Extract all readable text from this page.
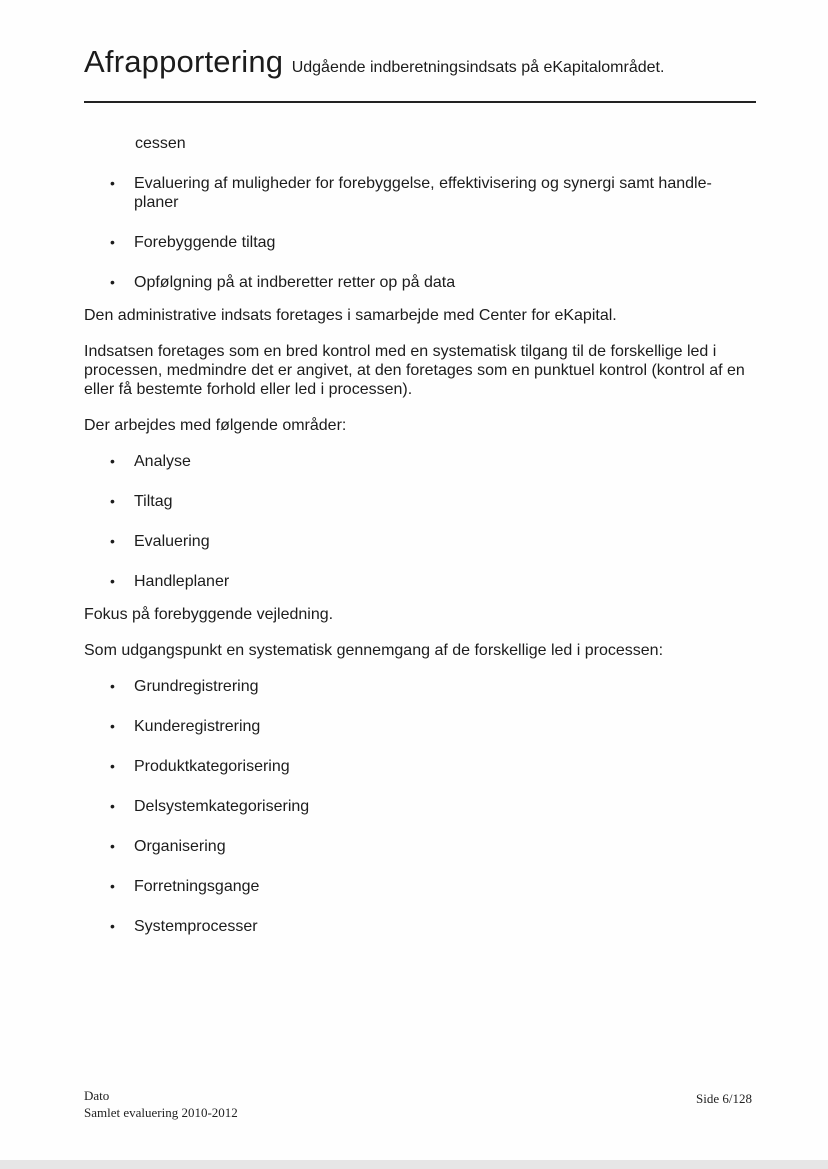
Afrapportering Udgående indberetningsindsats på eKapitalområdet.
cessen
• Evaluering af muligheder for forebyggelse, effektivisering og synergi samt handle-planer
• Forebyggende tiltag
• Opfølgning på at indberetter retter op på data

Den administrative indsats foretages i samarbejde med Center for eKapital.

Indsatsen foretages som en bred kontrol med en systematisk tilgang til de forskellige led i processen, medmindre det er angivet, at den foretages som en punktuel kontrol (kontrol af en eller få bestemte forhold eller led i processen).

Der arbejdes med følgende områder:

• Analyse
• Tiltag
• Evaluering
• Handleplaner

Fokus på forebyggende vejledning.

Som udgangspunkt en systematisk gennemgang af de forskellige led i processen:

• Grundregistrering
• Kunderegistrering
• Produktkategorisering
• Delsystemkategorisering
• Organisering
• Forretningsgange
• Systemprocesser
Dato
Samlet evaluering 2010-2012
Side 6/128
